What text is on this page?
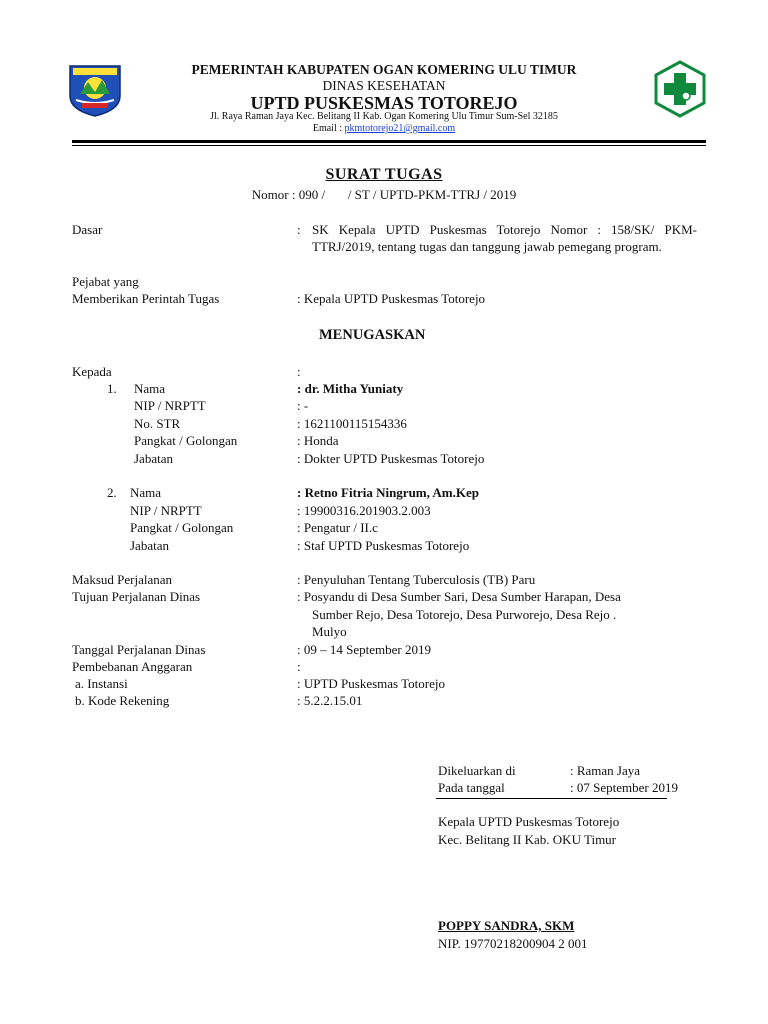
PEMERINTAH KABUPATEN OGAN KOMERING ULU TIMUR
DINAS KESEHATAN
UPTD PUSKESMAS TOTOREJO
Jl. Raya Raman Jaya Kec. Belitang II Kab. Ogan Komering Ulu Timur Sum-Sel 32185
Email : pkmtotorejo21@gmail.com
SURAT TUGAS
Nomor : 090 /       / ST / UPTD-PKM-TTRJ / 2019
Dasar	: SK Kepala UPTD Puskesmas Totorejo Nomor : 158/SK/ PKM-TTRJ/2019, tentang tugas dan tanggung jawab pemegang program.
Pejabat yang
Memberikan Perintah Tugas	: Kepala UPTD Puskesmas Totorejo
MENUGASKAN
Kepada	:
1. Nama	: dr. Mitha Yuniaty
NIP / NRPTT	: -
No. STR	: 1621100115154336
Pangkat / Golongan	: Honda
Jabatan	: Dokter UPTD Puskesmas Totorejo
2. Nama	: Retno Fitria Ningrum, Am.Kep
NIP / NRPTT	: 19900316.201903.2.003
Pangkat / Golongan	: Pengatur / II.c
Jabatan	: Staf UPTD Puskesmas Totorejo
Maksud Perjalanan	: Penyuluhan Tentang Tuberculosis (TB) Paru
Tujuan Perjalanan Dinas	: Posyandu di Desa Sumber Sari, Desa Sumber Harapan, Desa
Sumber Rejo, Desa Totorejo, Desa Purworejo, Desa Rejo .
Mulyo
Tanggal Perjalanan Dinas	: 09 – 14 September 2019
Pembebanan Anggaran	:
a. Instansi	: UPTD Puskesmas Totorejo
b. Kode Rekening	: 5.2.2.15.01
Dikeluarkan di	: Raman Jaya
Pada tanggal	: 07 September 2019
Kepala UPTD Puskesmas Totorejo
Kec. Belitang II Kab. OKU Timur
POPPY SANDRA, SKM
NIP. 19770218200904 2 001
